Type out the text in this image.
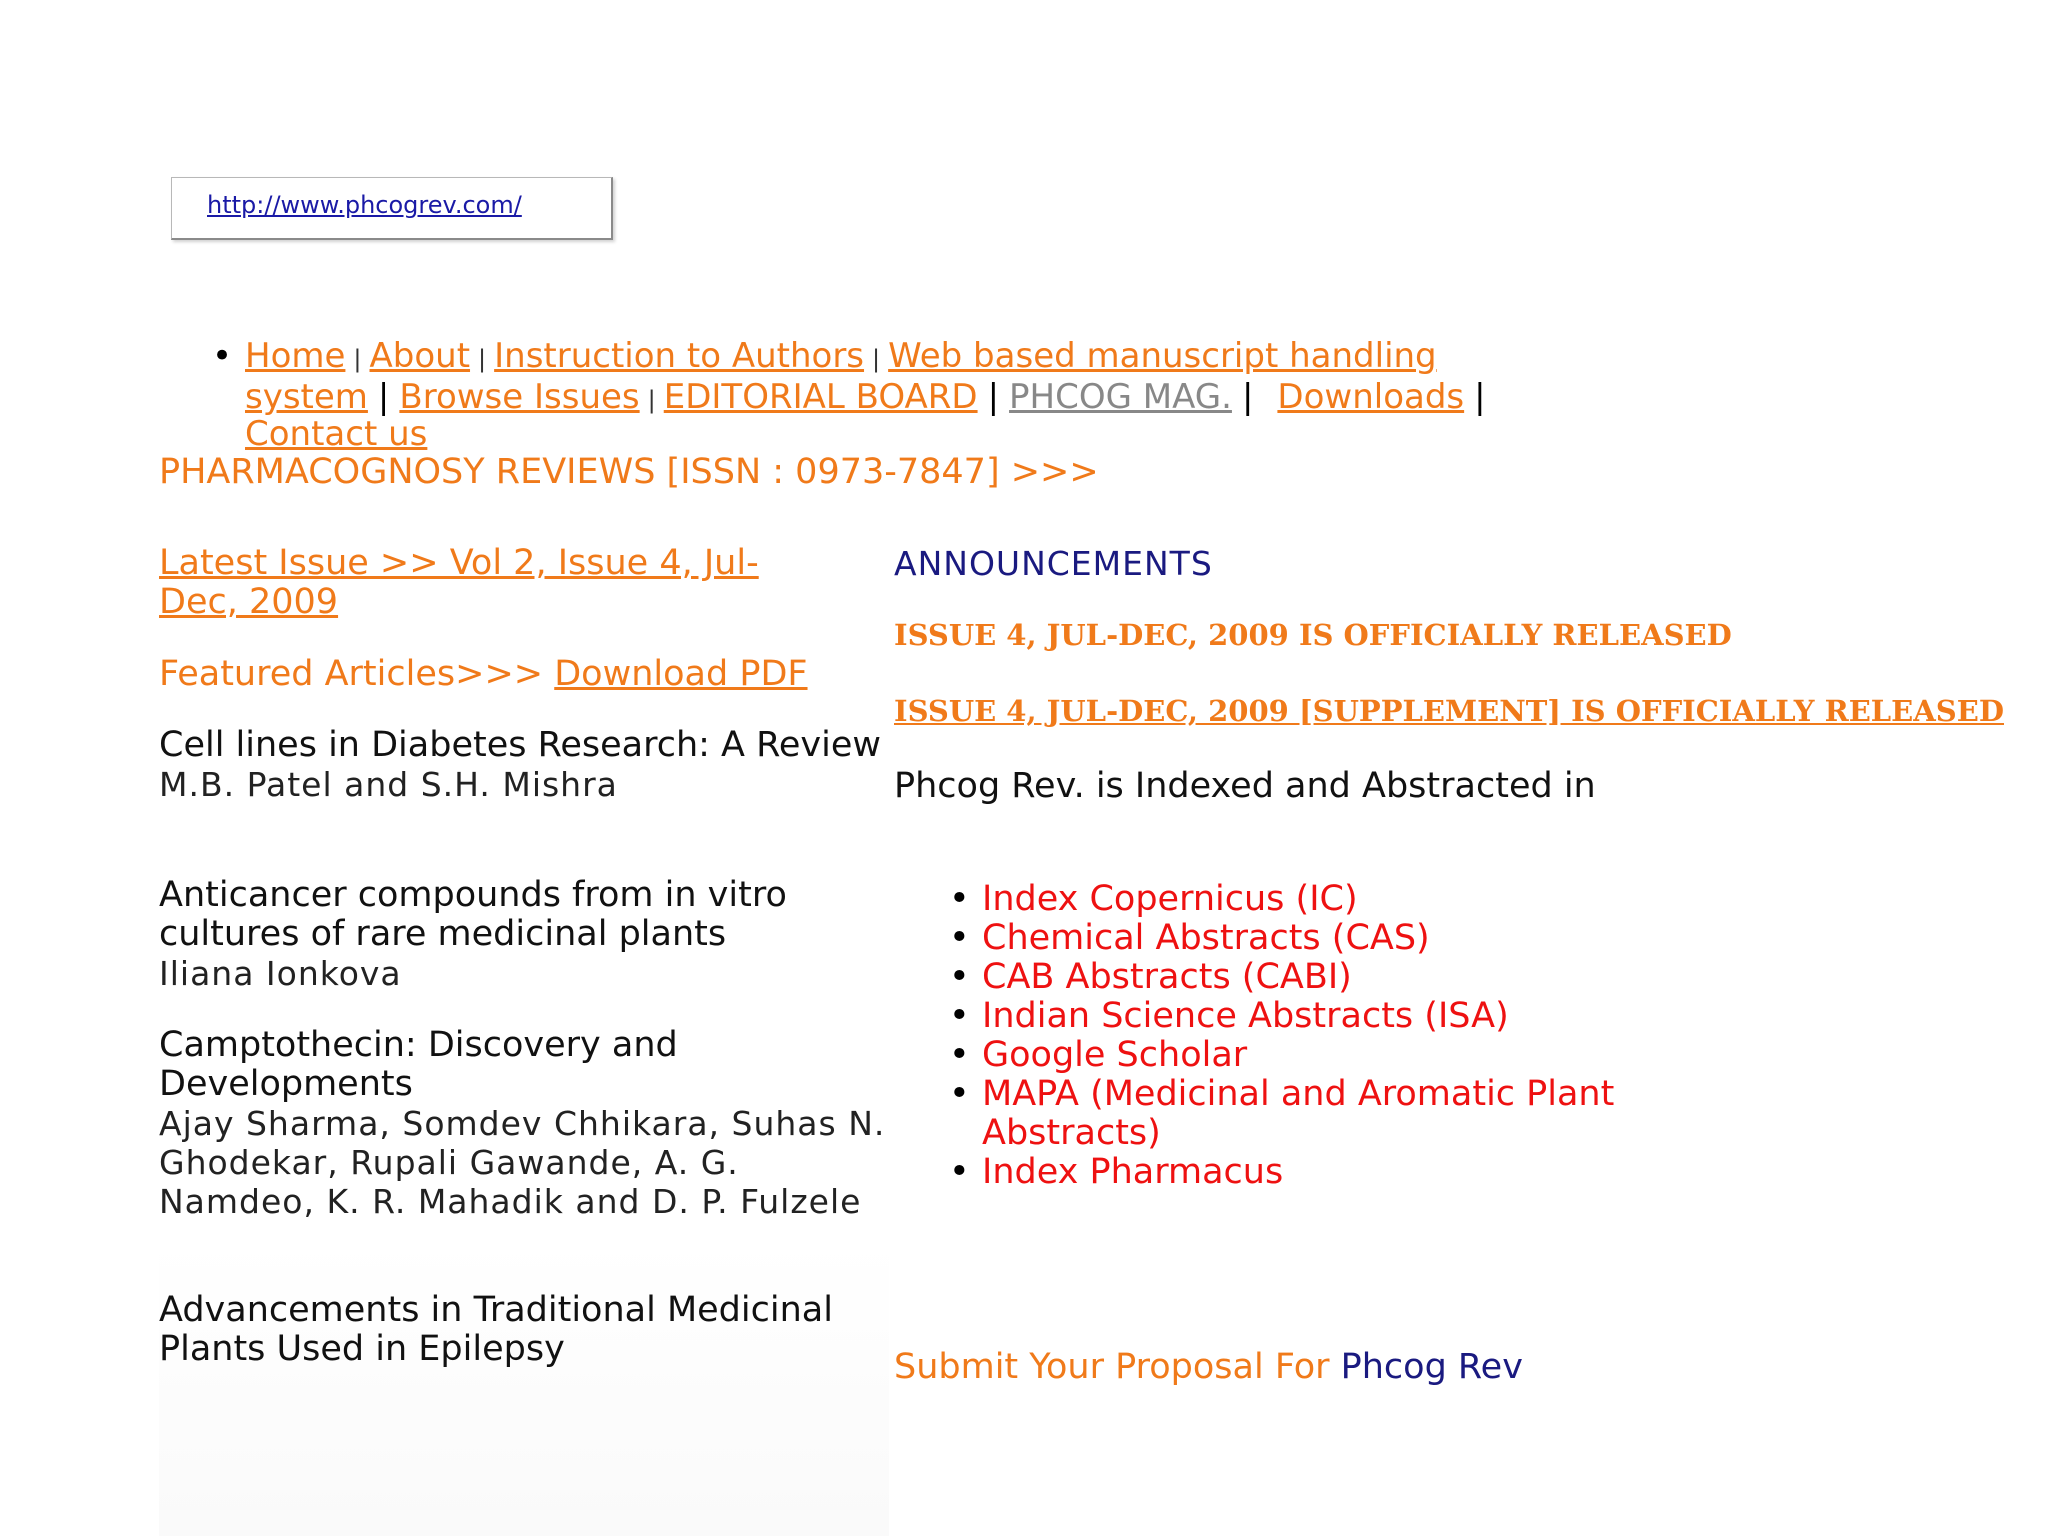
http://www.phcogrev.com/
• Home | About | Instruction to Authors | Web based manuscript handling
system | Browse Issues | EDITORIAL BOARD | PHCOG MAG. | Downloads |
Contact us
PHARMACOGNOSY REVIEWS [ISSN : 0973-7847] >>>
Latest Issue >> Vol 2, Issue 4, Jul-Dec, 2009
Featured Articles>>> Download PDF
Cell lines in Diabetes Research: A Review
M.B. Patel and S.H. Mishra
Anticancer compounds from in vitro cultures of rare medicinal plants
Iliana Ionkova
Camptothecin: Discovery and Developments
Ajay Sharma, Somdev Chhikara, Suhas N. Ghodekar, Rupali Gawande, A. G. Namdeo, K. R. Mahadik and D. P. Fulzele
Advancements in Traditional Medicinal Plants Used in Epilepsy
ANNOUNCEMENTS
ISSUE 4, JUL-DEC, 2009 IS OFFICIALLY RELEASED
ISSUE 4, JUL-DEC, 2009 [SUPPLEMENT] IS OFFICIALLY RELEASED
Phcog Rev. is Indexed and Abstracted in
• Index Copernicus (IC)
• Chemical Abstracts (CAS)
• CAB Abstracts (CABI)
• Indian Science Abstracts (ISA)
• Google Scholar
• MAPA (Medicinal and Aromatic Plant Abstracts)
• Index Pharmacus
Submit Your Proposal For Phcog Rev
